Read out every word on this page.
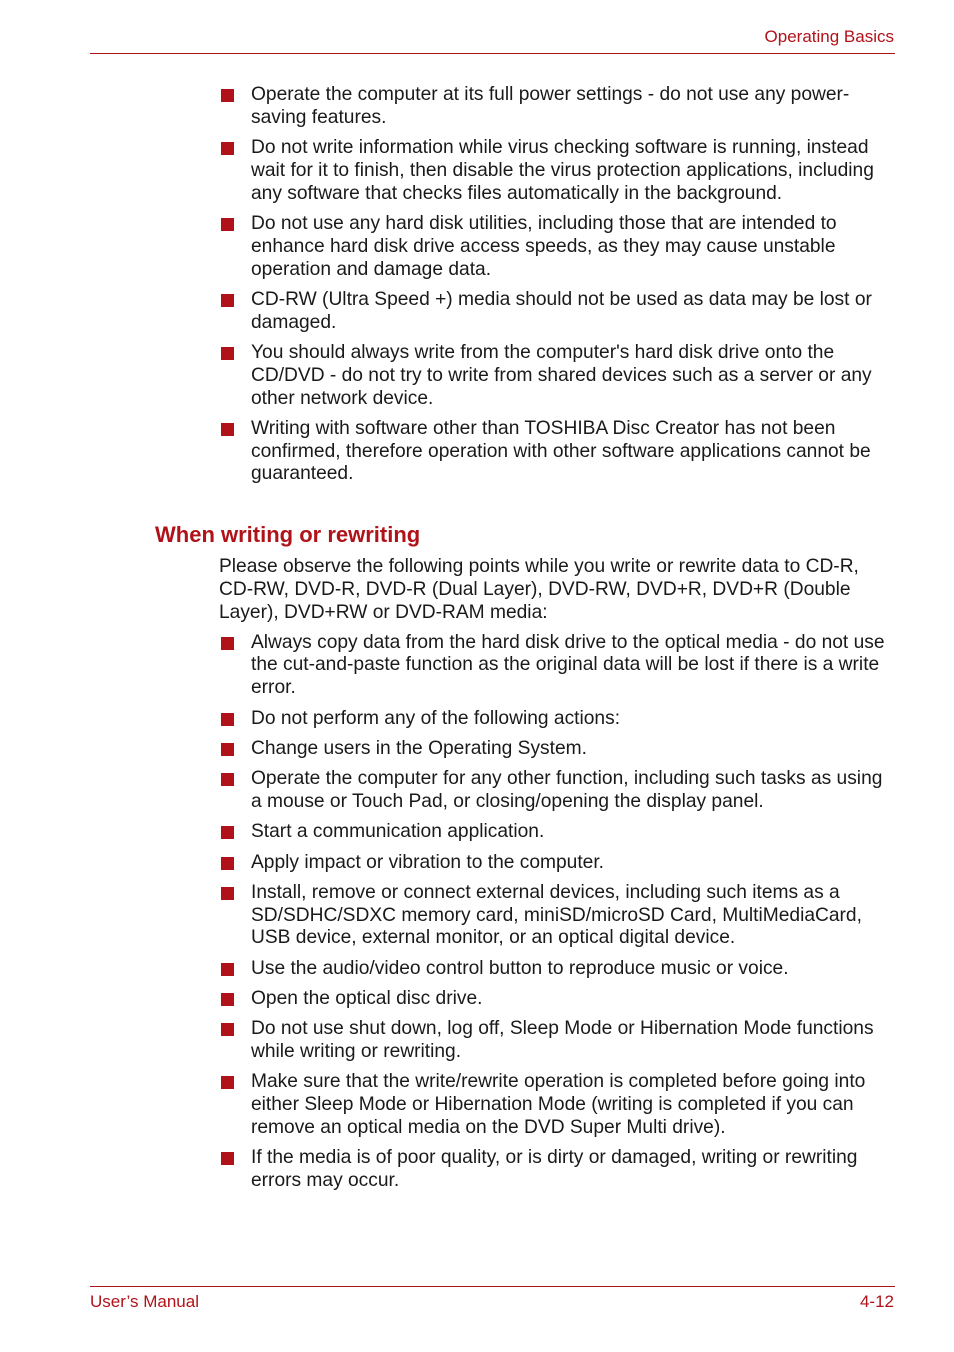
Operating Basics
Operate the computer at its full power settings - do not use any power-saving features.
Do not write information while virus checking software is running, instead wait for it to finish, then disable the virus protection applications, including any software that checks files automatically in the background.
Do not use any hard disk utilities, including those that are intended to enhance hard disk drive access speeds, as they may cause unstable operation and damage data.
CD-RW (Ultra Speed +) media should not be used as data may be lost or damaged.
You should always write from the computer's hard disk drive onto the CD/DVD - do not try to write from shared devices such as a server or any other network device.
Writing with software other than TOSHIBA Disc Creator has not been confirmed, therefore operation with other software applications cannot be guaranteed.
When writing or rewriting
Please observe the following points while you write or rewrite data to CD-R, CD-RW, DVD-R, DVD-R (Dual Layer), DVD-RW, DVD+R, DVD+R (Double Layer), DVD+RW or DVD-RAM media:
Always copy data from the hard disk drive to the optical media - do not use the cut-and-paste function as the original data will be lost if there is a write error.
Do not perform any of the following actions:
Change users in the Operating System.
Operate the computer for any other function, including such tasks as using a mouse or Touch Pad, or closing/opening the display panel.
Start a communication application.
Apply impact or vibration to the computer.
Install, remove or connect external devices, including such items as a SD/SDHC/SDXC memory card, miniSD/microSD Card, MultiMediaCard, USB device, external monitor, or an optical digital device.
Use the audio/video control button to reproduce music or voice.
Open the optical disc drive.
Do not use shut down, log off, Sleep Mode or Hibernation Mode functions while writing or rewriting.
Make sure that the write/rewrite operation is completed before going into either Sleep Mode or Hibernation Mode (writing is completed if you can remove an optical media on the DVD Super Multi drive).
If the media is of poor quality, or is dirty or damaged, writing or rewriting errors may occur.
User’s Manual	4-12
